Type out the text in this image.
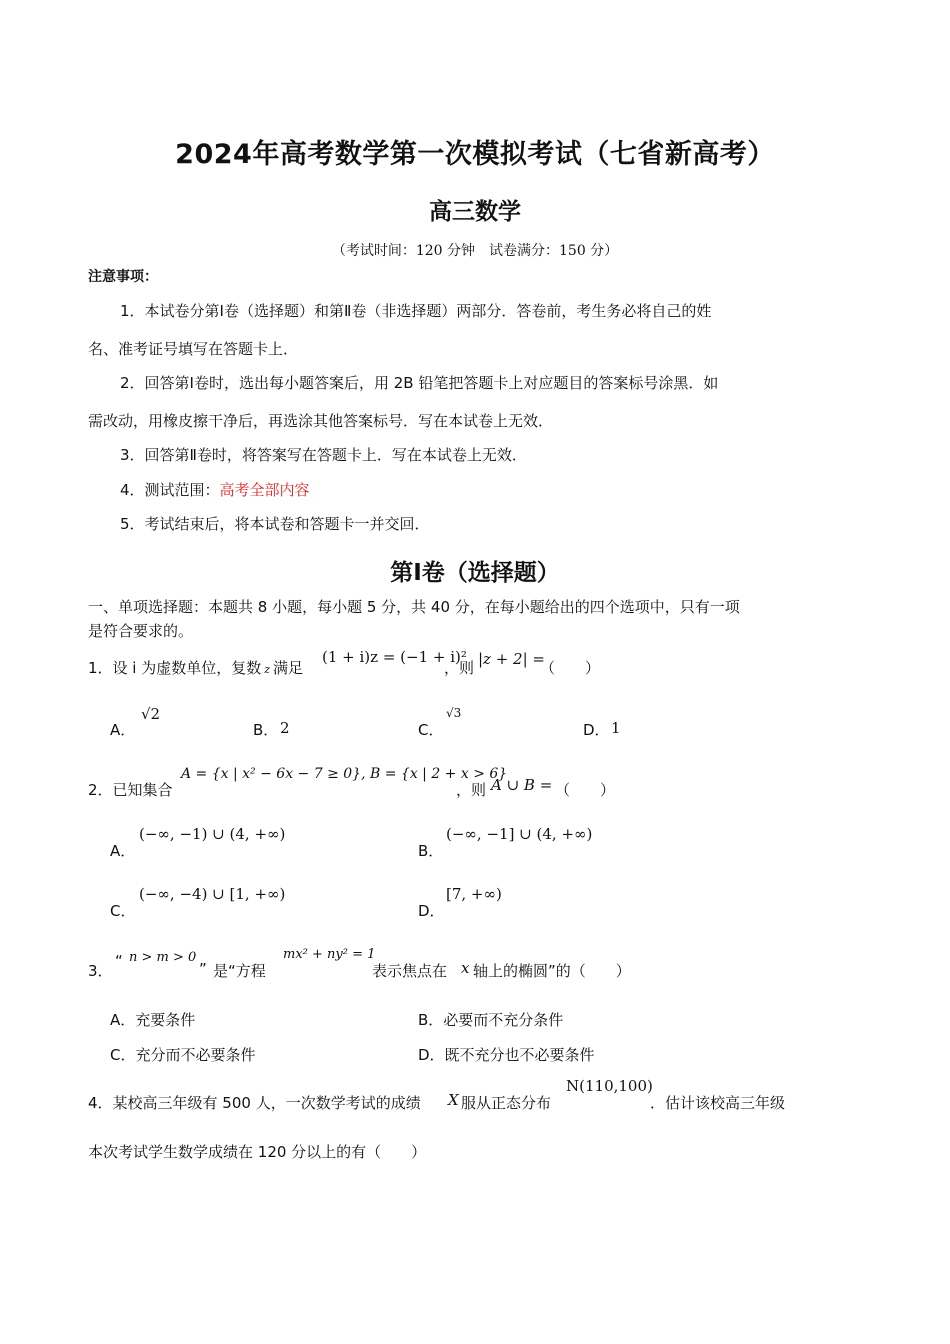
2024年高考数学第一次模拟考试（七省新高考）
高三数学
（考试时间：120 分钟　试卷满分：150 分）
注意事项：
1．本试卷分第Ⅰ卷（选择题）和第Ⅱ卷（非选择题）两部分．答卷前，考生务必将自己的姓
名、准考证号填写在答题卡上．
2．回答第Ⅰ卷时，选出每小题答案后，用 2B 铅笔把答题卡上对应题目的答案标号涂黑．如
需改动，用橡皮擦干净后，再选涂其他答案标号．写在本试卷上无效．
3．回答第Ⅱ卷时，将答案写在答题卡上．写在本试卷上无效．
4．测试范围：高考全部内容
5．考试结束后，将本试卷和答题卡一并交回．
第Ⅰ卷（选择题）
一、单项选择题：本题共 8 小题，每小题 5 分，共 40 分，在每小题给出的四个选项中，只有一项
是符合要求的。
1．设 i 为虚数单位，复数 z 满足
(1 + i)z = (−1 + i)²
，则 |z + 2| =
（　　）
A．
√2
B． 2	C．
√3
D． 1
2．已知集合
A = {x | x² − 6x − 7 ≥ 0}, B = {x | 2 + x > 6}
，则 A ∪ B = （　　）
A．
(−∞, −1) ∪ (4, +∞)
B．
(−∞, −1] ∪ (4, +∞)
C．
(−∞, −4) ∪ [1, +∞)
D．
[7, +∞)
3．
“ n > m > 0
” 是“方程
mx² + ny² = 1
表示焦点在 x 轴上的椭圆”的（　　）
A．充要条件	B．必要而不充分条件
C．充分而不必要条件	D．既不充分也不必要条件
4．某校高三年级有 500 人，一次数学考试的成绩 X 服从正态分布
N(110,100)
．估计该校高三年级
本次考试学生数学成绩在 120 分以上的有（　　）
